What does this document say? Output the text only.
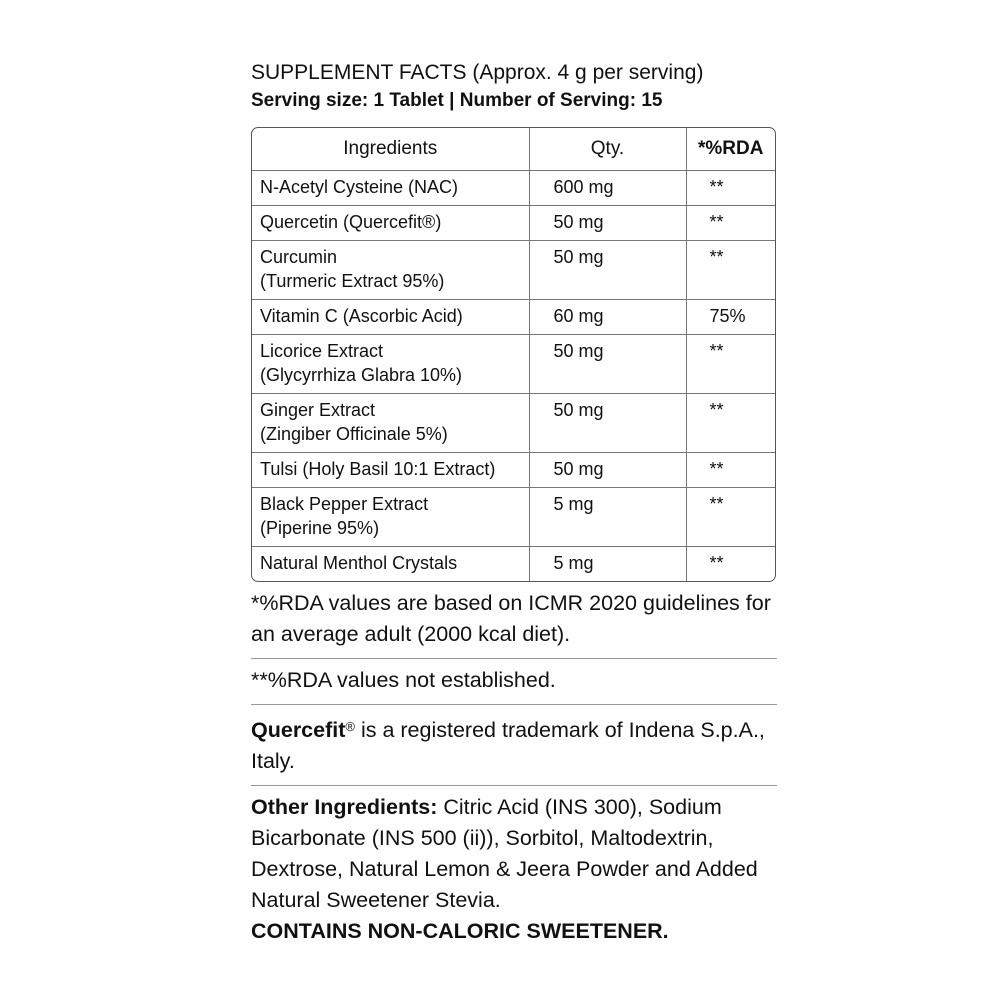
SUPPLEMENT FACTS (Approx. 4 g per serving)
Serving size: 1 Tablet | Number of Serving: 15
Ingredients	Qty.	*%RDA

N-Acetyl Cysteine (NAC)	600 mg	**

Quercetin (Quercefit®)	50 mg	**

Curcumin
(Turmeric Extract 95%)	50 mg	**

Vitamin C (Ascorbic Acid)	60 mg	75%

Licorice Extract
(Glycyrrhiza Glabra 10%)	50 mg	**

Ginger Extract
(Zingiber Officinale 5%)	50 mg	**

Tulsi (Holy Basil 10:1 Extract)	50 mg	**

Black Pepper Extract
(Piperine 95%)	5 mg	**

Natural Menthol Crystals	5 mg	**
*%RDA values are based on ICMR 2020 guidelines for an average adult (2000 kcal diet).
**%RDA values not established.
Quercefit® is a registered trademark of Indena S.p.A., Italy.
Other Ingredients: Citric Acid (INS 300), Sodium Bicarbonate (INS 500 (ii)), Sorbitol, Maltodextrin, Dextrose, Natural Lemon & Jeera Powder and Added Natural Sweetener Stevia.
CONTAINS NON-CALORIC SWEETENER.
